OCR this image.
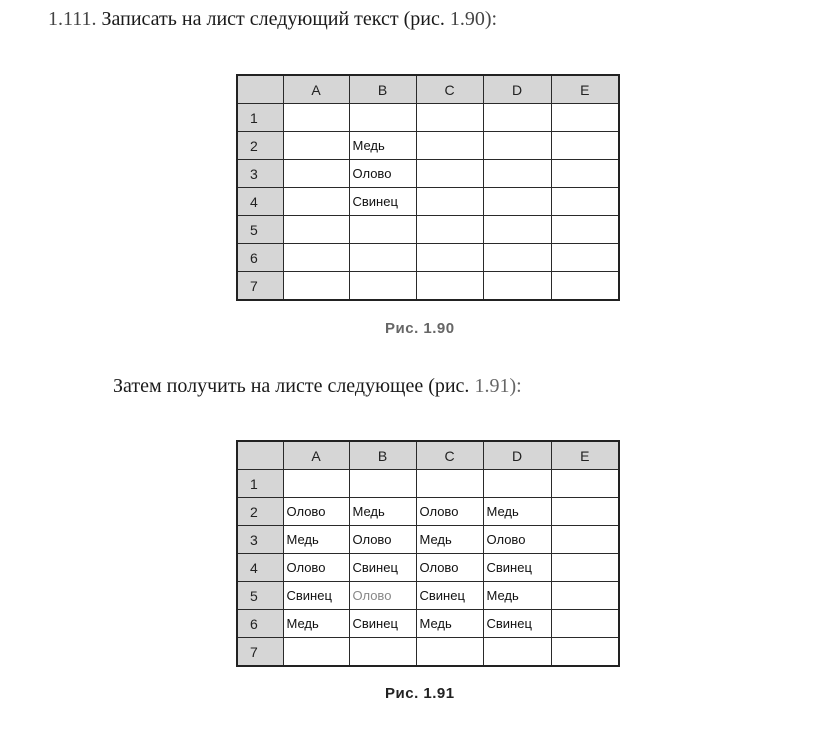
1.111. Записать на лист следующий текст (рис. 1.90):
	A	B	C	D	E
1					
2		Медь			
3		Олово			
4		Свинец			
5					
6					
7					
Рис. 1.90
Затем получить на листе следующее (рис. 1.91):
	A	B	C	D	E
1					
2	Олово	Медь	Олово	Медь	
3	Медь	Олово	Медь	Олово	
4	Олово	Свинец	Олово	Свинец	
5	Свинец	Олово	Свинец	Медь	
6	Медь	Свинец	Медь	Свинец	
7					
Рис. 1.91
